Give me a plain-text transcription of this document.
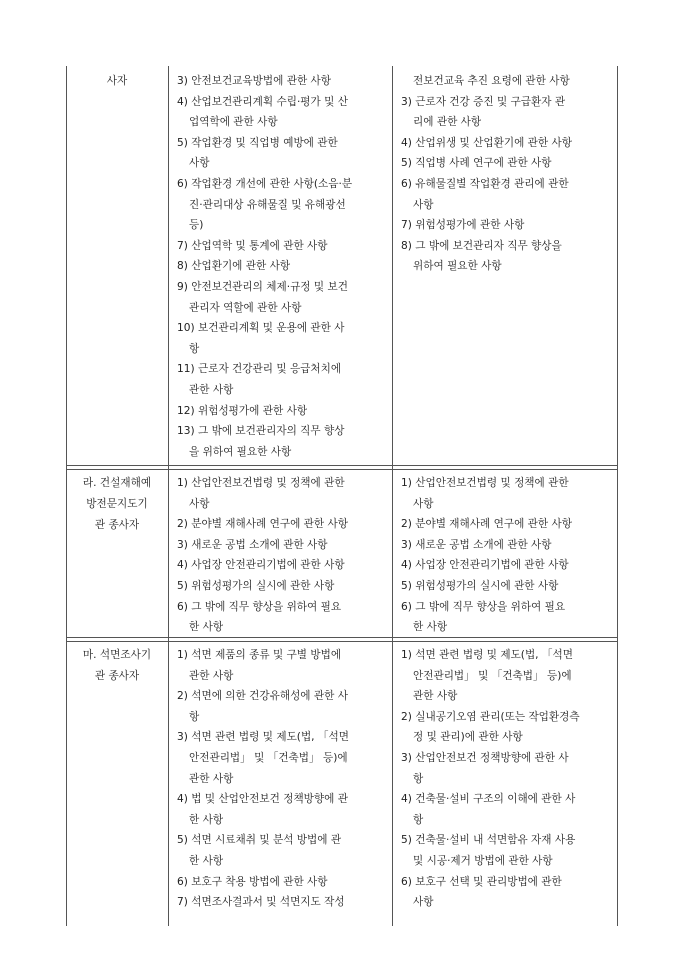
사자	3) 안전보건교육방법에 관한 사항

4) 산업보건관리계획 수립·평가 및 산

업역학에 관한 사항

5) 작업환경 및 직업병 예방에 관한

사항

6) 작업환경 개선에 관한 사항(소음·분

진·관리대상 유해물질 및 유해광선

등)

7) 산업역학 및 통계에 관한 사항

8) 산업환기에 관한 사항

9) 안전보건관리의 체제·규정 및 보건

관리자 역할에 관한 사항

10) 보건관리계획 및 운용에 관한 사

항

11) 근로자 건강관리 및 응급처치에

관한 사항

12) 위험성평가에 관한 사항

13) 그 밖에 보건관리자의 직무 향상

을 위하여 필요한 사항

전보건교육 추진 요령에 관한 사항

3) 근로자 건강 증진 및 구급환자 관

리에 관한 사항

4) 산업위생 및 산업환기에 관한 사항

5) 직업병 사례 연구에 관한 사항

6) 유해물질별 작업환경 관리에 관한

사항

7) 위험성평가에 관한 사항

8) 그 밖에 보건관리자 직무 향상을

위하여 필요한 사항

라. 건설재해예

방전문지도기

관 종사자

1) 산업안전보건법령 및 정책에 관한

사항

2) 분야별 재해사례 연구에 관한 사항

3) 새로운 공법 소개에 관한 사항

4) 사업장 안전관리기법에 관한 사항

5) 위험성평가의 실시에 관한 사항

6) 그 밖에 직무 향상을 위하여 필요

한 사항

1) 산업안전보건법령 및 정책에 관한

사항

2) 분야별 재해사례 연구에 관한 사항

3) 새로운 공법 소개에 관한 사항

4) 사업장 안전관리기법에 관한 사항

5) 위험성평가의 실시에 관한 사항

6) 그 밖에 직무 향상을 위하여 필요

한 사항

마. 석면조사기

관 종사자

1) 석면 제품의 종류 및 구별 방법에

관한 사항

2) 석면에 의한 건강유해성에 관한 사

항

3) 석면 관련 법령 및 제도(법, 「석면

안전관리법」 및 「건축법」 등)에

관한 사항

4) 법 및 산업안전보건 정책방향에 관

한 사항

5) 석면 시료채취 및 분석 방법에 관

한 사항

6) 보호구 착용 방법에 관한 사항

7) 석면조사결과서 및 석면지도 작성

1) 석면 관련 법령 및 제도(법, 「석면

안전관리법」 및 「건축법」 등)에

관한 사항

2) 실내공기오염 관리(또는 작업환경측

정 및 관리)에 관한 사항

3) 산업안전보건 정책방향에 관한 사

항

4) 건축물·설비 구조의 이해에 관한 사

항

5) 건축물·설비 내 석면함유 자재 사용

및 시공·제거 방법에 관한 사항

6) 보호구 선택 및 관리방법에 관한

사항
